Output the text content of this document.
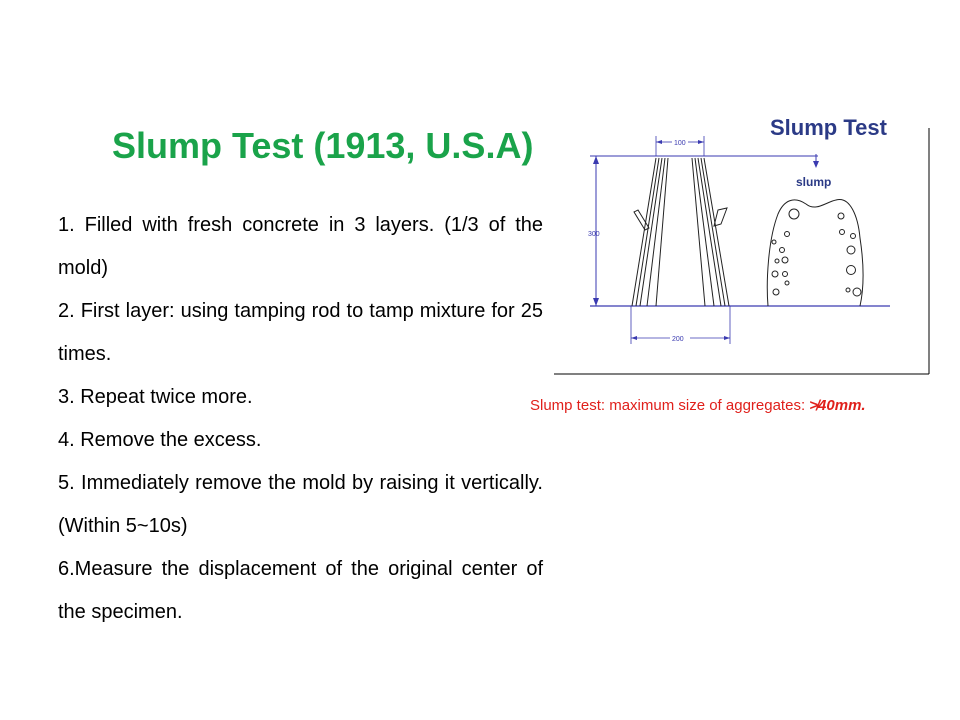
Slump Test (1913, U.S.A)
1. Filled with fresh concrete in 3 layers. (1/3 of the mold)
2. First layer: using tamping rod to tamp mixture for 25 times.
3. Repeat twice more.
4. Remove the excess.
5. Immediately remove the mold by raising it vertically. (Within 5~10s)
6.Measure the displacement of the original center of the specimen.
300
100
200
slump
Slump Test
Slump test: maximum size of aggregates: ≯40mm.
